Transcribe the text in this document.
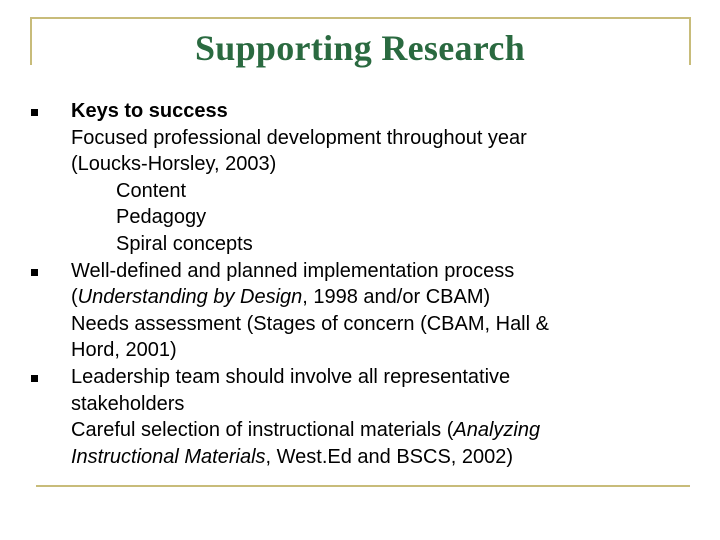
Supporting Research
Keys to success
Focused professional development throughout year
(Loucks-Horsley, 2003)
Content
Pedagogy
Spiral concepts
Well-defined and planned implementation process
(Understanding by Design, 1998 and/or CBAM)
Needs assessment (Stages of concern (CBAM, Hall &
Hord, 2001)
Leadership team should involve all representative
stakeholders
Careful selection of instructional materials (Analyzing
Instructional Materials, West.Ed and BSCS, 2002)
